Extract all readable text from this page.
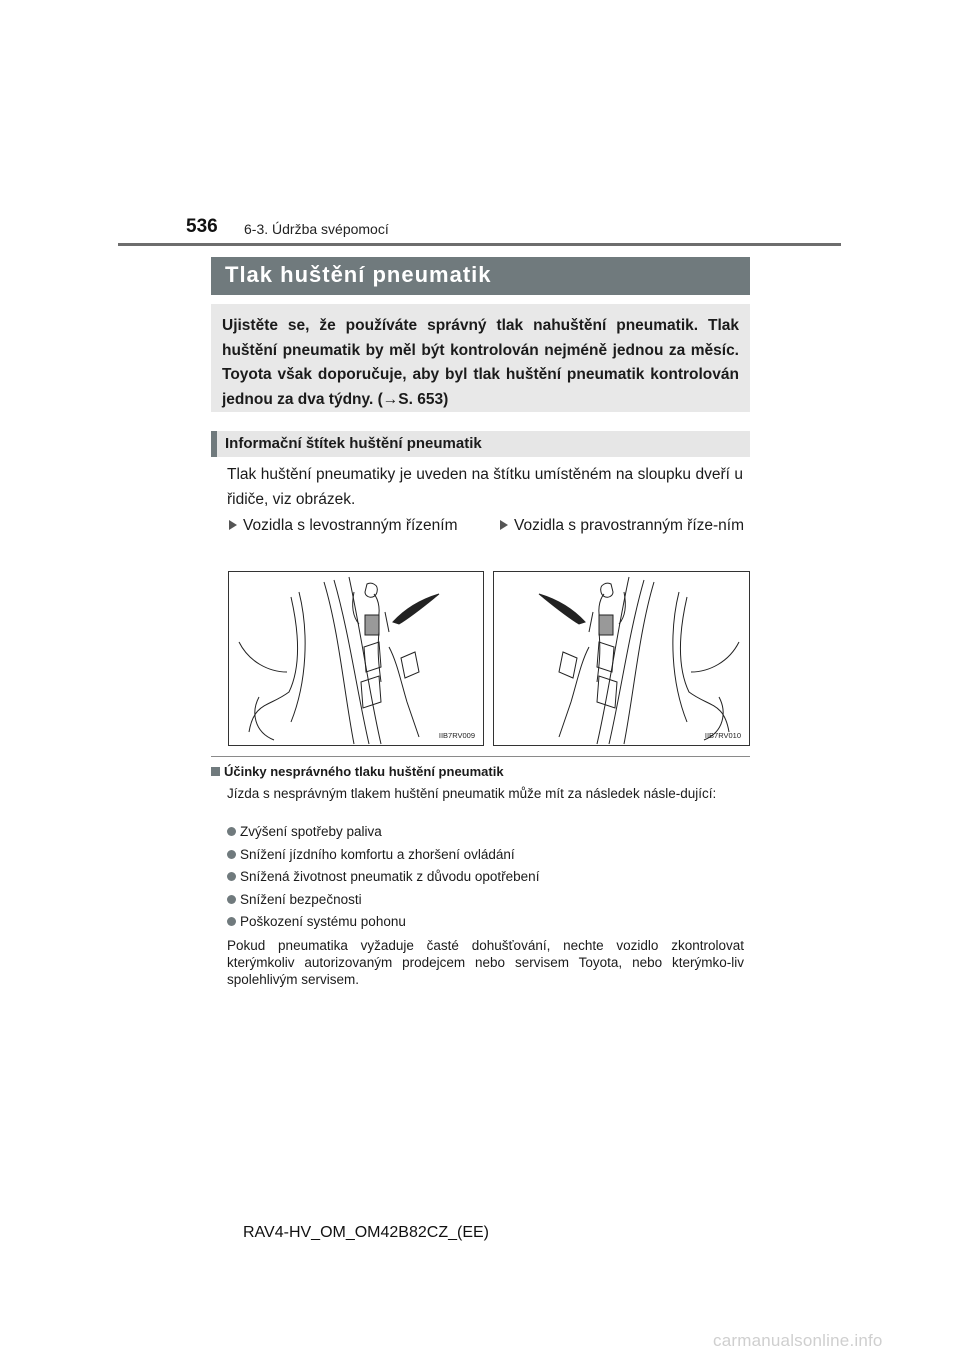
536 6-3. Údržba svépomocí
Tlak huštění pneumatik
Ujistěte se, že používáte správný tlak nahuštění pneumatik. Tlak huštění pneumatik by měl být kontrolován nejméně jednou za měsíc. Toyota však doporučuje, aby byl tlak huštění pneumatik kontrolován jednou za dva týdny. (→S. 653)
Informační štítek huštění pneumatik
Tlak huštění pneumatiky je uveden na štítku umístěném na sloupku dveří u řidiče, viz obrázek.
Vozidla s levostranným řízením	Vozidla s pravostranným říze-ním
IIB7RV009	IIB7RV010
Účinky nesprávného tlaku huštění pneumatik
Jízda s nesprávným tlakem huštění pneumatik může mít za následek násle-dující:
Zvýšení spotřeby paliva
Snížení jízdního komfortu a zhoršení ovládání
Snížená životnost pneumatik z důvodu opotřebení
Snížení bezpečnosti
Poškození systému pohonu
Pokud pneumatika vyžaduje časté dohušťování, nechte vozidlo zkontrolovat kterýmkoliv autorizovaným prodejcem nebo servisem Toyota, nebo kterýmko-liv spolehlivým servisem.
RAV4-HV_OM_OM42B82CZ_(EE)
carmanualsonline.info
